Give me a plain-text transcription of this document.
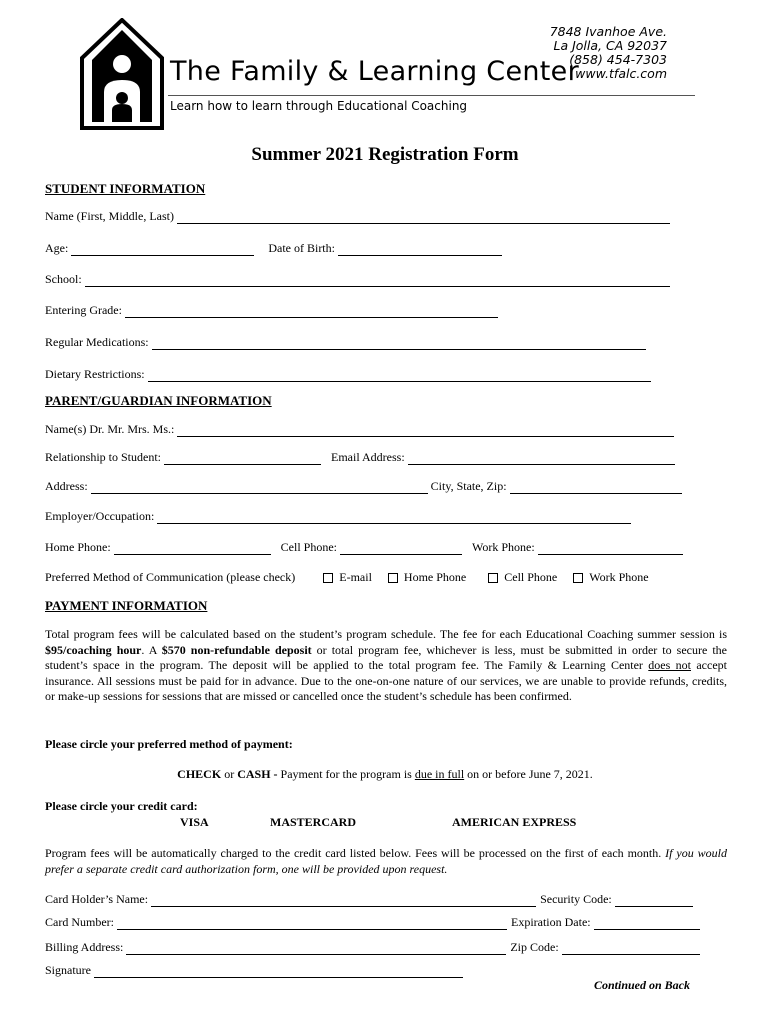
The Family & Learning Center
Learn how to learn through Educational Coaching
7848 Ivanhoe Ave.
La Jolla, CA 92037
(858) 454-7303
www.tfalc.com
Summer 2021 Registration Form
STUDENT INFORMATION
Name (First, Middle, Last)
Age:	Date of Birth:
School:
Entering Grade:
Regular Medications:
Dietary Restrictions:
PARENT/GUARDIAN INFORMATION
Name(s) Dr. Mr. Mrs. Ms.:
Relationship to Student:	Email Address:
Address:	City, State, Zip:
Employer/Occupation:
Home Phone:	Cell Phone:	Work Phone:
Preferred Method of Communication (please check)	E-mail	Home Phone	Cell Phone	Work Phone
PAYMENT INFORMATION
Total program fees will be calculated based on the student’s program schedule. The fee for each Educational Coaching summer session is $95/coaching hour. A $570 non-refundable deposit or total program fee, whichever is less, must be submitted in order to secure the student’s space in the program. The deposit will be applied to the total program fee. The Family & Learning Center does not accept insurance. All sessions must be paid for in advance. Due to the one-on-one nature of our services, we are unable to provide refunds, credits, or make-up sessions for sessions that are missed or cancelled once the student’s schedule has been confirmed.
Please circle your preferred method of payment:
CHECK or CASH - Payment for the program is due in full on or before June 7, 2021.
Please circle your credit card:
VISA	MASTERCARD	AMERICAN EXPRESS
Program fees will be automatically charged to the credit card listed below. Fees will be processed on the first of each month. If you would prefer a separate credit card authorization form, one will be provided upon request.
Card Holder’s Name:	Security Code:
Card Number:	Expiration Date:
Billing Address:	Zip Code:
Signature
Continued on Back
